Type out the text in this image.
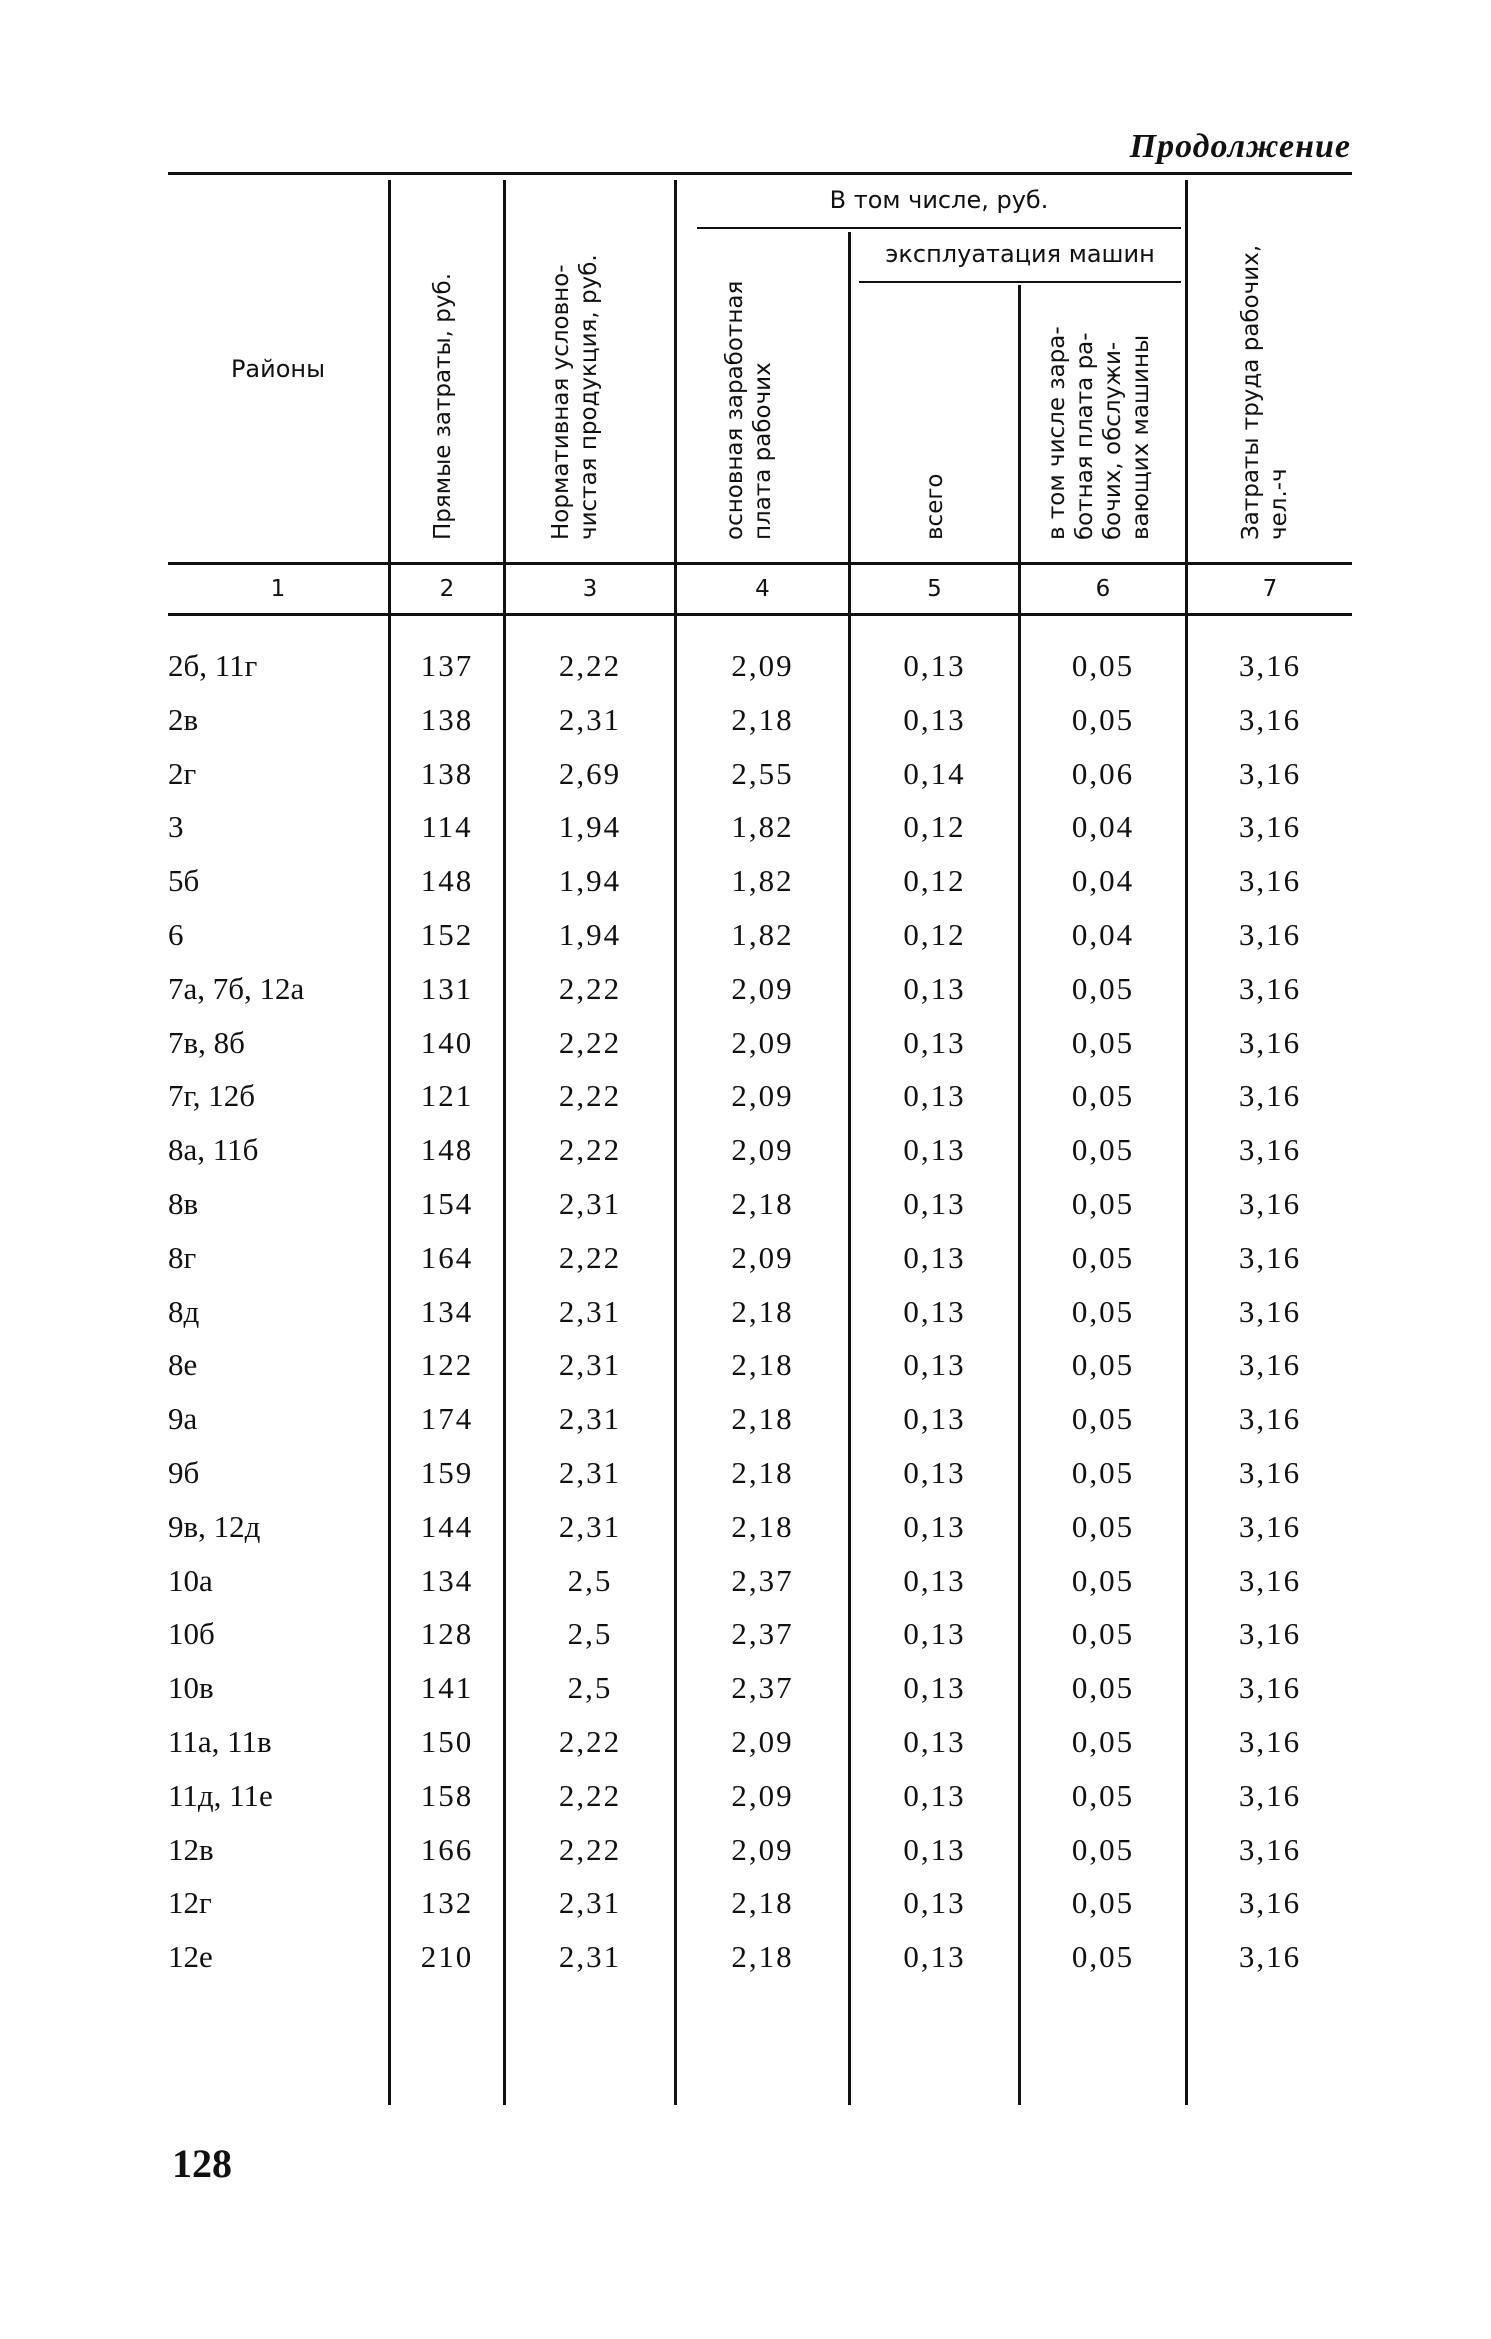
Продолжение
Районы	Прямые затраты, руб.	Нормативная условно- чистая продукция, руб.
В том числе, руб.
основная заработная плата рабочих
эксплуатация машин
всего	в том числе зара- ботная плата ра- бочих, обслужи- вающих машины	Затраты труда рабочих, чел.-ч
1	2	3	4	5	6	7
2б, 11г	137	2,22	2,09	0,13	0,05	3,16
2в	138	2,31	2,18	0,13	0,05	3,16
2г	138	2,69	2,55	0,14	0,06	3,16
3	114	1,94	1,82	0,12	0,04	3,16
5б	148	1,94	1,82	0,12	0,04	3,16
6	152	1,94	1,82	0,12	0,04	3,16
7а, 7б, 12а	131	2,22	2,09	0,13	0,05	3,16
7в, 8б	140	2,22	2,09	0,13	0,05	3,16
7г, 12б	121	2,22	2,09	0,13	0,05	3,16
8а, 11б	148	2,22	2,09	0,13	0,05	3,16
8в	154	2,31	2,18	0,13	0,05	3,16
8г	164	2,22	2,09	0,13	0,05	3,16
8д	134	2,31	2,18	0,13	0,05	3,16
8е	122	2,31	2,18	0,13	0,05	3,16
9а	174	2,31	2,18	0,13	0,05	3,16
9б	159	2,31	2,18	0,13	0,05	3,16
9в, 12д	144	2,31	2,18	0,13	0,05	3,16
10а	134	2,5	2,37	0,13	0,05	3,16
10б	128	2,5	2,37	0,13	0,05	3,16
10в	141	2,5	2,37	0,13	0,05	3,16
11а, 11в	150	2,22	2,09	0,13	0,05	3,16
11д, 11е	158	2,22	2,09	0,13	0,05	3,16
12в	166	2,22	2,09	0,13	0,05	3,16
12г	132	2,31	2,18	0,13	0,05	3,16
12е	210	2,31	2,18	0,13	0,05	3,16
128
